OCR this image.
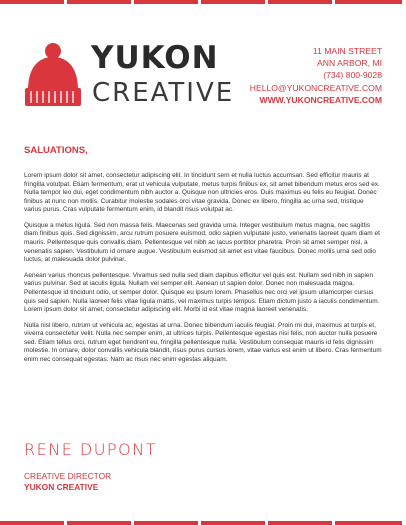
YUKON
CREATIVE
11 MAIN STREET
ANN ARBOR, MI
(734) 800-9028
HELLO@YUKONCREATIVE.COM
WWW.YUKONCREATIVE.COM
SALUATIONS,

Lorem ipsum dolor sit amet, consectetur adipiscing elit. In tincidunt sem et nulla luctus accumsan. Sed efficitur mauris at fringilla volutpat. Etiam fermentum, erat ut vehicula vulputate, metus turpis finibus ex, sit amet bibendum metus eros sed ex. Nulla tempor leo dui, eget condimentum nibh auctor a. Quisque non ultricies eros. Duis maximus eu felis eu feugiat. Donec finibus at nunc non mollis. Curabitur molestie sodales orci vitae gravida. Donec ex libero, fringilla ac urna sed, tristique varius purus. Cras vulputate fermentum enim, id blandit risus volutpat ac.

Quisque a metus ligula. Sed non massa felis. Maecenas sed gravida urna. Integer vestibulum metus magna, nec sagittis diam finibus quis. Sed dignissim, arcu rutrum posuere euismod, odio sapien vulputate justo, venenatis laoreet quam diam et mauris. Pellentesque quis convallis diam. Pellentesque vel nibh ac lacus porttitor pharetra. Proin sit amet semper nisl, a venenatis sapien. Vestibulum id ornare augue. Vestibulum euismod sit amet est vitae faucibus. Donec mollis urna sed odio luctus, at malesuada dolor pulvinar.

Aenean varius rhoncus pellentesque. Vivamus sed nulla sed diam dapibus efficitur vel quis est. Nullam sed nibh in sapien varius pulvinar. Sed at iaculis ligula. Nullam vel semper elit. Aenean ut sapien dolor. Donec non malesuada magna. Pellentesque id tincidunt odio, ut semper dolor. Quisque eu ipsum lorem. Phasellus nec orci vel ipsum ullamcorper cursus quis sed sapien. Nulla laoreet felis vitae ligula mattis, vel maximus turpis tempus. Etiam dictum justo a iaculis condimentum. Lorem ipsum dolor sit amet, consectetur adipiscing elit. Morbi id est vitae magna laoreet venenatis.

Nulla nisl libero, rutrum ut vehicula ac, egestas at urna. Donec bibendum iaculis feugiat. Proin mi dui, maximus at turpis et, viverra consectetur velit. Nulla nec semper enim, at ultrices turpis. Pellentesque egestas nisi felis, non auctor nulla posuere sed. Etiam tellus orci, rutrum eget hendrerit eu, fringilla pellentesque nulla. Vestibulum consequat mauris id felis dignissim molestie. In ornare, dolor convallis vehicula blandit, risus purus cursus lorem, vitae varius est enim ut libero. Cras fermentum enim nec consequat egestas. Nam ac risus nec enim egestas aliquam.

RENE DUPONT
CREATIVE DIRECTOR
YUKON CREATIVE
